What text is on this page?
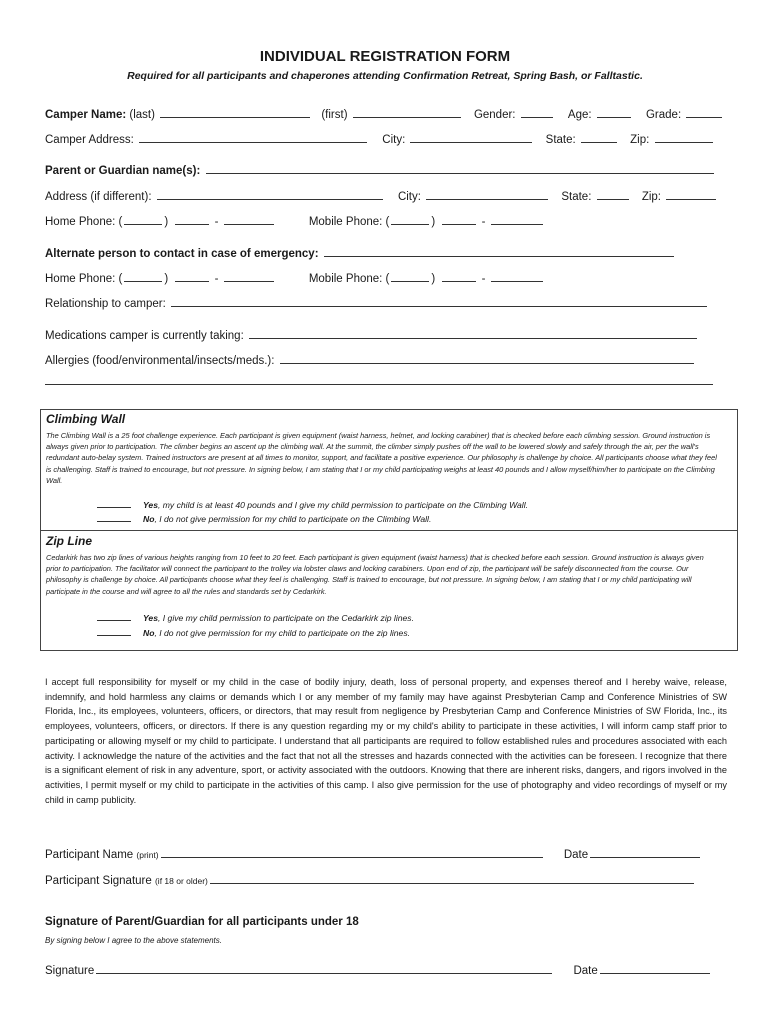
INDIVIDUAL REGISTRATION FORM
Required for all participants and chaperones attending Confirmation Retreat, Spring Bash, or Falltastic.
Camper Name: (last)	(first)	Gender:	Age:	Grade:
Camper Address:	City:	State:	Zip:
Parent or Guardian name(s):
Address (if different):	City:	State:	Zip:
Home Phone: (	)	-	Mobile Phone: (	)	-
Alternate person to contact in case of emergency:
Home Phone: (	)	-	Mobile Phone: (	)	-
Relationship to camper:
Medications camper is currently taking:
Allergies (food/environmental/insects/meds.):
Climbing Wall
The Climbing Wall is a 25 foot challenge experience. Each participant is given equipment (waist harness, helmet, and locking carabiner) that is checked before each climbing session. Ground instruction is always given prior to participation. The climber begins an ascent up the climbing wall. At the summit, the climber simply pushes off the wall to be lowered slowly and safely through the air, per the wall's redundant auto-belay system. Trained instructors are present at all times to monitor, support, and facilitate a positive experience. Our philosophy is challenge by choice. All participants choose what they feel is challenging. Staff is trained to encourage, but not pressure. In signing below, I am stating that I or my child participating weighs at least 40 pounds and I allow myself/him/her to participate on the Climbing Wall.
Yes, my child is at least 40 pounds and I give my child permission to participate on the Climbing Wall.
No, I do not give permission for my child to participate on the Climbing Wall.
Zip Line
Cedarkirk has two zip lines of various heights ranging from 10 feet to 20 feet. Each participant is given equipment (waist harness) that is checked before each session. Ground instruction is always given prior to participation. The facilitator will connect the participant to the trolley via lobster claws and locking carabiners. Upon end of zip, the participant will be safely disconnected from the course. Our philosophy is challenge by choice. All participants choose what they feel is challenging. Staff is trained to encourage, but not pressure. In signing below, I am stating that I or my child participating will participate in the course and will agree to all the rules and standards set by Cedarkirk.
Yes, I give my child permission to participate on the Cedarkirk zip lines.
No, I do not give permission for my child to participate on the zip lines.
I accept full responsibility for myself or my child in the case of bodily injury, death, loss of personal property, and expenses thereof and I hereby waive, release, indemnify, and hold harmless any claims or demands which I or any member of my family may have against Presbyterian Camp and Conference Ministries of SW Florida, Inc., its employees, volunteers, officers, or directors, that may result from negligence by Presbyterian Camp and Conference Ministries of SW Florida, Inc., its employees, volunteers, officers, or directors. If there is any question regarding my or my child's ability to participate in these activities, I will inform camp staff prior to participating or allowing myself or my child to participate. I understand that all participants are required to follow established rules and procedures associated with each activity. I acknowledge the nature of the activities and the fact that not all the stresses and hazards connected with the activities can be foreseen. I recognize that there is a significant element of risk in any adventure, sport, or activity associated with the outdoors. Knowing that there are inherent risks, dangers, and rigors involved in the activities, I permit myself or my child to participate in the activities of this camp. I also give permission for the use of photography and video recordings of myself or my child in camp publicity.
Participant Name (print)	Date
Participant Signature (if 18 or older)
Signature of Parent/Guardian for all participants under 18
By signing below I agree to the above statements.
Signature	Date
